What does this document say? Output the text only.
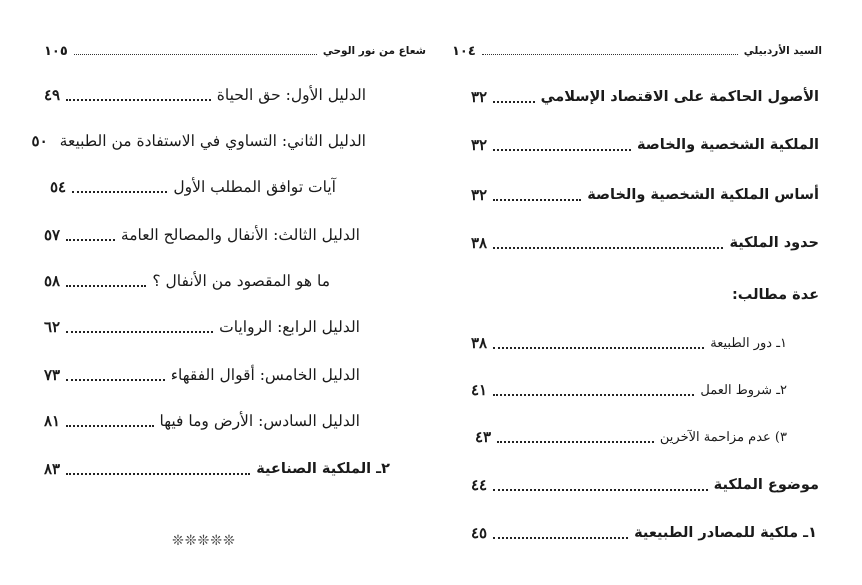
شعاع من نور الوحي
١٠٥
الدليل الأول: حق الحياة
٤٩
الدليل الثاني: التساوي في الاستفادة من الطبيعة
٥٠
آيات توافق المطلب الأول
٥٤
الدليل الثالث: الأنفال والمصالح العامة
٥٧
ما هو المقصود من الأنفال ؟
٥٨
الدليل الرابع: الروايات
٦٢
الدليل الخامس: أقوال الفقهاء
٧٣
الدليل السادس: الأرض وما فيها
٨١
٢ـ الملكية الصناعية
٨٣
❊❊❊❊❊
السيد الأردبيلي
١٠٤
الأصول الحاكمة على الاقتصاد الإسلامي
٣٢
الملكية الشخصية والخاصة
٣٢
أساس الملكية الشخصية والخاصة
٣٢
حدود الملكية
٣٨
عدة مطالب:
١ـ دور الطبيعة
٣٨
٢ـ شروط العمل
٤١
٣) عدم مزاحمة الآخرين
٤٣
موضوع الملكية
٤٤
١ـ ملكية للمصادر الطبيعية
٤٥
